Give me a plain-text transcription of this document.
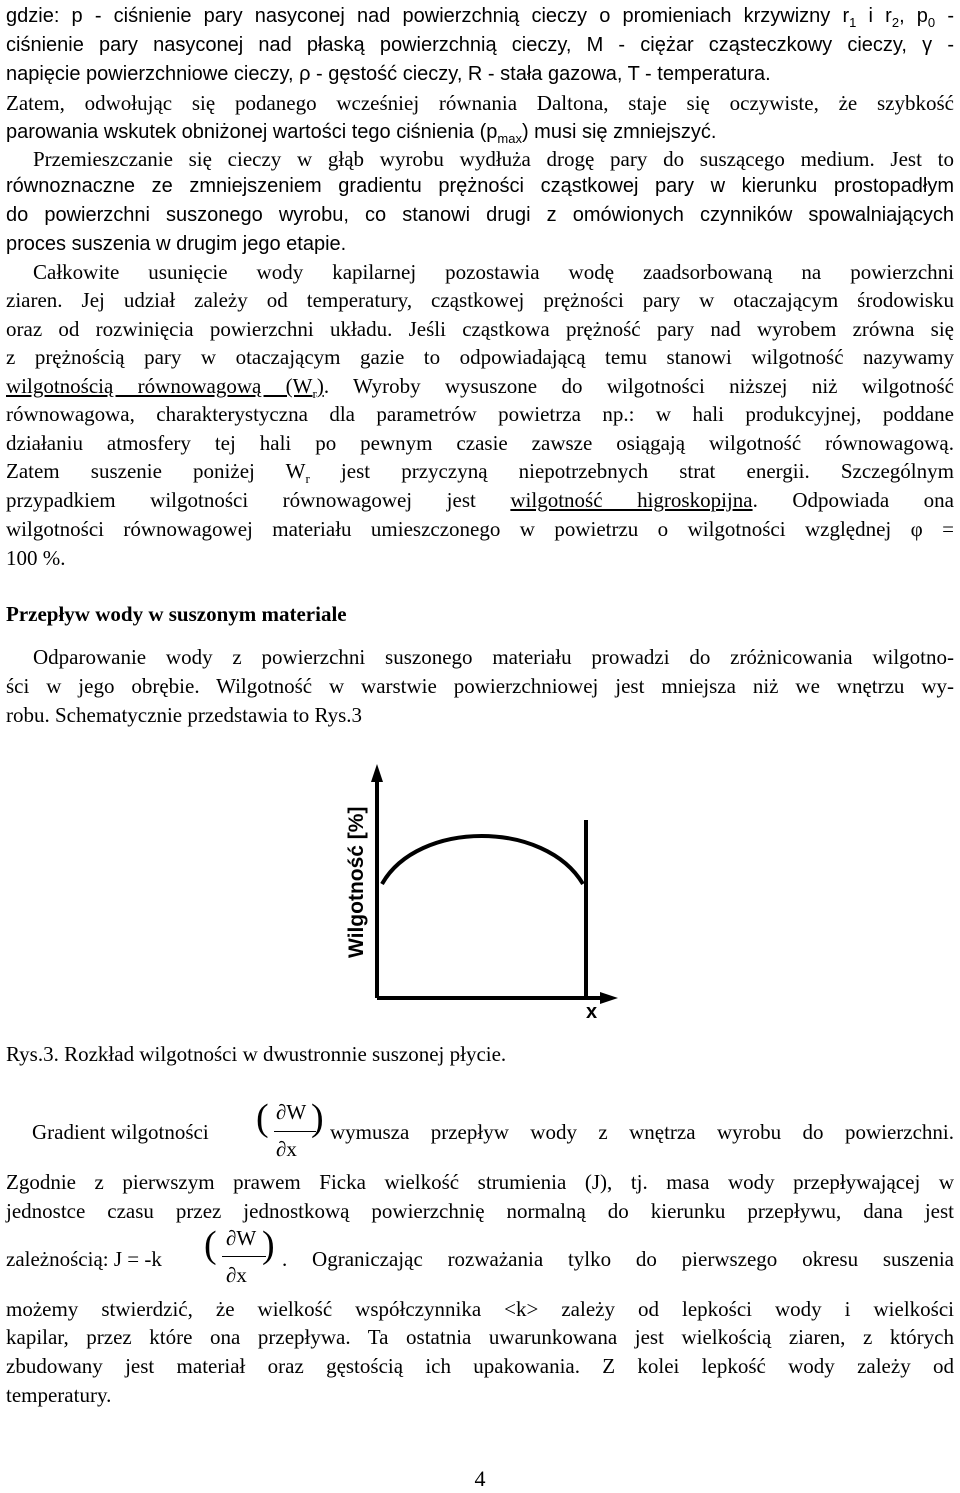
gdzie: p - ciśnienie pary nasyconej nad powierzchnią cieczy o promieniach krzywizny $r_1$ i $r_2$, $p_0$ -
ciśnienie pary nasyconej nad płaską powierzchnią cieczy, M - ciężar cząsteczkowy cieczy, γ -
napięcie powierzchniowe cieczy, ρ - gęstość cieczy, R - stała gazowa, T - temperatura.
Zatem, odwołując się podanego wcześniej równania Daltona, staje się oczywiste, że szybkość
parowania wskutek obniżonej wartości tego ciśnienia $(p_{max})$ musi się zmniejszyć.
Przemieszczanie się cieczy w głąb wyrobu wydłuża drogę pary do suszącego medium. Jest to
równoznaczne ze zmniejszeniem gradientu prężności cząstkowej pary w kierunku prostopadłym
do powierzchni suszonego wyrobu, co stanowi drugi z omówionych czynników spowalniających
proces suszenia w drugim jego etapie.
Całkowite usunięcie wody kapilarnej pozostawia wodę zaadsorbowaną na powierzchni
ziaren. Jej udział zależy od temperatury, cząstkowej prężności pary w otaczającym środowisku
oraz od rozwinięcia powierzchni układu. Jeśli cząstkowa prężność pary nad wyrobem zrówna się
z prężnością pary w otaczającym gazie to odpowiadającą temu stanowi wilgotność nazywamy
wilgotnością równowagową $(W_r)$. Wyroby wysuszone do wilgotności niższej niż wilgotność
równowagowa, charakterystyczna dla parametrów powietrza np.: w hali produkcyjnej, poddane
działaniu atmosfery tej hali po pewnym czasie zawsze osiągają wilgotność równowagową.
Zatem suszenie poniżej $W_r$ jest przyczyną niepotrzebnych strat energii. Szczególnym
przypadkiem wilgotności równowagowej jest wilgotność higroskopijna. Odpowiada ona
wilgotności równowagowej materiału umieszczonego w powietrzu o wilgotności względnej φ =
100 %.
Przepływ wody w suszonym materiale
Odparowanie wody z powierzchni suszonego materiału prowadzi do zróżnicowania wilgotno-
ści w jego obrębie. Wilgotność w warstwie powierzchniowej jest mniejsza niż we wnętrzu wy-
robu. Schematycznie przedstawia to Rys.3
Wilgotność [%]
x
Rys.3. Rozkład wilgotności w dwustronnie suszonej płycie.
Gradient wilgotności ( ∂W
∂x
) wymusza przepływ wody z wnętrza wyrobu do powierzchni.
Zgodnie z pierwszym prawem Ficka wielkość strumienia (J), tj. masa wody przepływającej w
jednostce czasu przez jednostkową powierzchnię normalną do kierunku przepływu, dana jest
zależnością: J = -k ( ∂W
∂x
) . Ograniczając rozważania tylko do pierwszego okresu suszenia
możemy stwierdzić, że wielkość współczynnika <k> zależy od lepkości wody i wielkości
kapilar, przez które ona przepływa. Ta ostatnia uwarunkowana jest wielkością ziaren, z których
zbudowany jest materiał oraz gęstością ich upakowania. Z kolei lepkość wody zależy od
temperatury.
4
